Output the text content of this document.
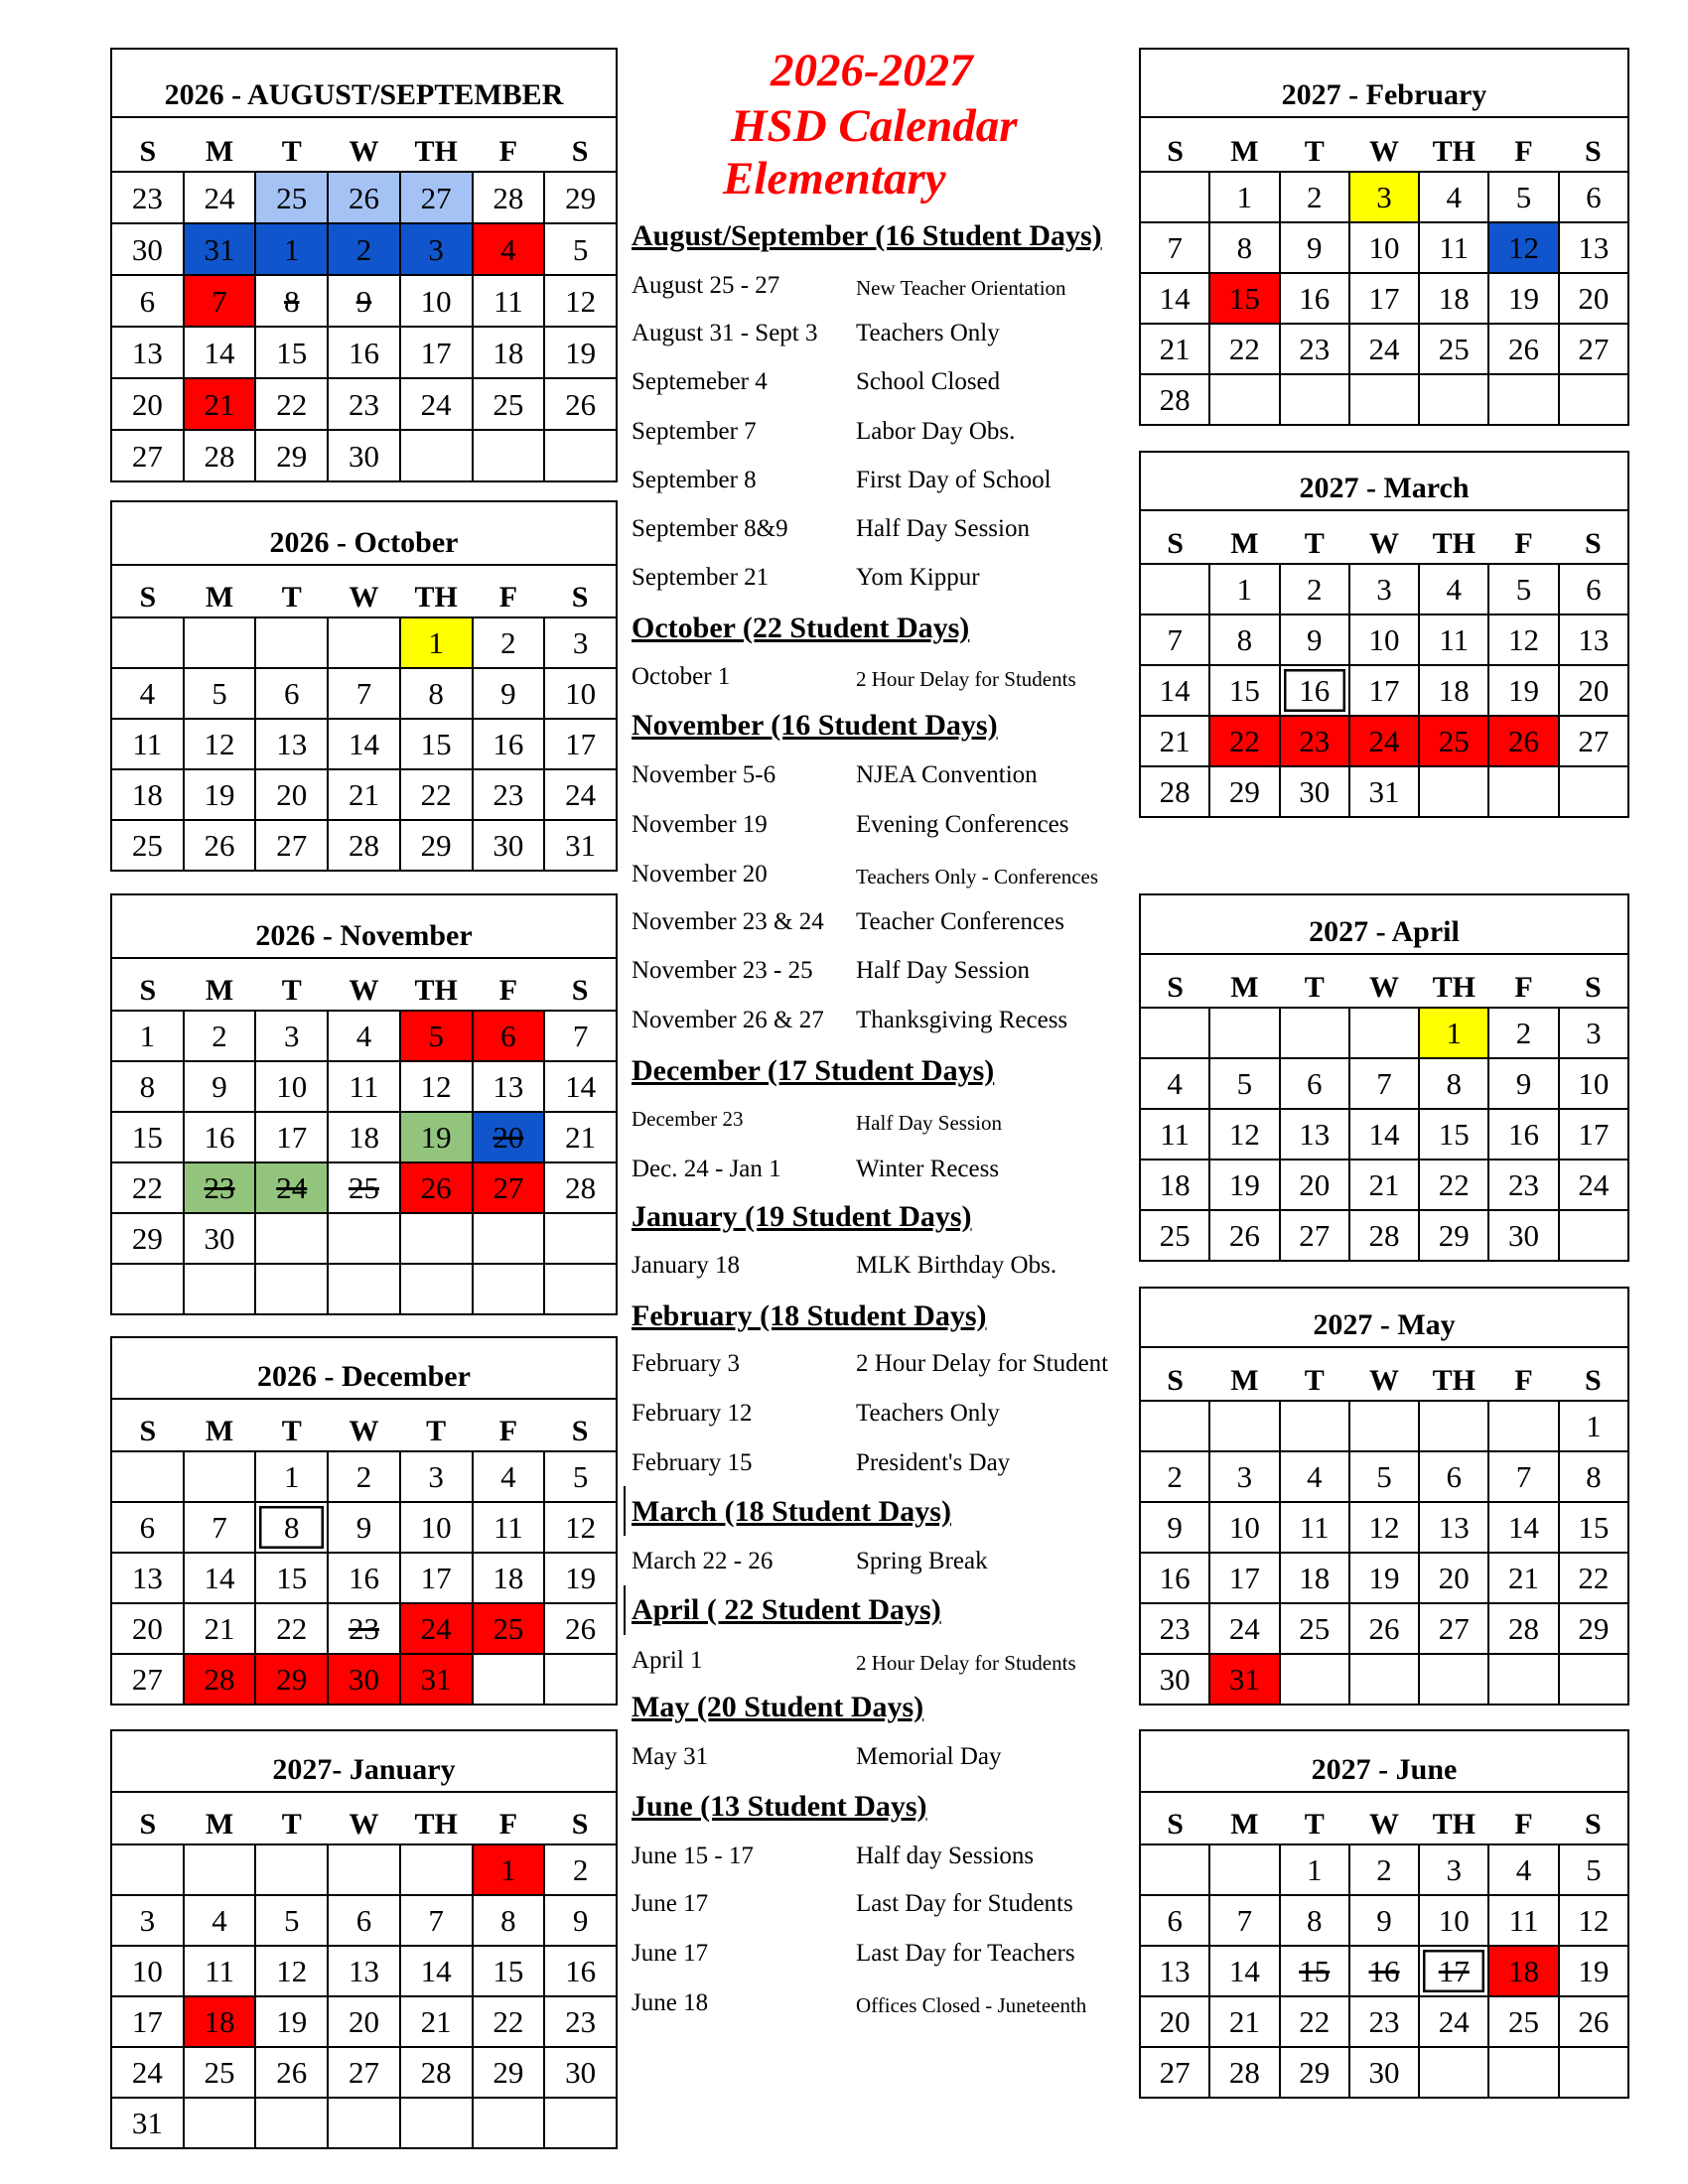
2026-2027
HSD Calendar
Elementary
2026 - AUGUST/SEPTEMBER						
S	M	T	W	TH	F	S
23	24	25	26	27	28	29
30	31	1	2	3	4	5
6	7	8	9	10	11	12
13	14	15	16	17	18	19
20	21	22	23	24	25	26
27	28	29	30			
2026 - October						
S	M	T	W	TH	F	S
				1	2	3
4	5	6	7	8	9	10
11	12	13	14	15	16	17
18	19	20	21	22	23	24
25	26	27	28	29	30	31
2026 - November						
S	M	T	W	TH	F	S
1	2	3	4	5	6	7
8	9	10	11	12	13	14
15	16	17	18	19	20	21
22	23	24	25	26	27	28
29	30					

2026 - December						
S	M	T	W	T	F	S
		1	2	3	4	5
6	7	8	9	10	11	12
13	14	15	16	17	18	19
20	21	22	23	24	25	26
27	28	29	30	31		
2027- January						
S	M	T	W	TH	F	S
					1	2
3	4	5	6	7	8	9
10	11	12	13	14	15	16
17	18	19	20	21	22	23
24	25	26	27	28	29	30
31						
2027 - February						
S	M	T	W	TH	F	S
	1	2	3	4	5	6
7	8	9	10	11	12	13
14	15	16	17	18	19	20
21	22	23	24	25	26	27
28						
2027 - March						
S	M	T	W	TH	F	S
	1	2	3	4	5	6
7	8	9	10	11	12	13
14	15	16	17	18	19	20
21	22	23	24	25	26	27
28	29	30	31			
2027 - April						
S	M	T	W	TH	F	S
				1	2	3
4	5	6	7	8	9	10
11	12	13	14	15	16	17
18	19	20	21	22	23	24
25	26	27	28	29	30	
2027 - May						
S	M	T	W	TH	F	S
						1
2	3	4	5	6	7	8
9	10	11	12	13	14	15
16	17	18	19	20	21	22
23	24	25	26	27	28	29
30	31					
2027 - June						
S	M	T	W	TH	F	S
		1	2	3	4	5
6	7	8	9	10	11	12
13	14	15	16	17	18	19
20	21	22	23	24	25	26
27	28	29	30			
August/September (16 Student Days)
August 25 - 27	New Teacher Orientation
August 31 - Sept 3 Teachers Only
Septemeber 4	School Closed
September 7	Labor Day Obs.
September 8	First Day of School
September 8&9	Half Day Session
September 21	Yom Kippur
October (22 Student Days)
October 1	2 Hour Delay for Students
November (16 Student Days)
November 5-6	NJEA Convention
November 19	Evening Conferences
November 20	Teachers Only - Conferences
November 23 & 24 Teacher Conferences
November 23 - 25 Half Day Session
November 26 & 27 Thanksgiving Recess
December (17 Student Days)
December 23	Half Day Session
Dec. 24 - Jan 1	Winter Recess
January (19 Student Days)
January 18	MLK Birthday Obs.
February (18 Student Days)
February 3	2 Hour Delay for Student
February 12	Teachers Only
February 15	President's Day
March (18 Student Days)
March 22 - 26	Spring Break
April ( 22 Student Days)
April 1	2 Hour Delay for Students
May (20 Student Days)
May 31	Memorial Day
June (13 Student Days)
June 15 - 17	Half day Sessions
June 17	Last Day for Students
June 17	Last Day for Teachers
June 18	Offices Closed - Juneteenth
